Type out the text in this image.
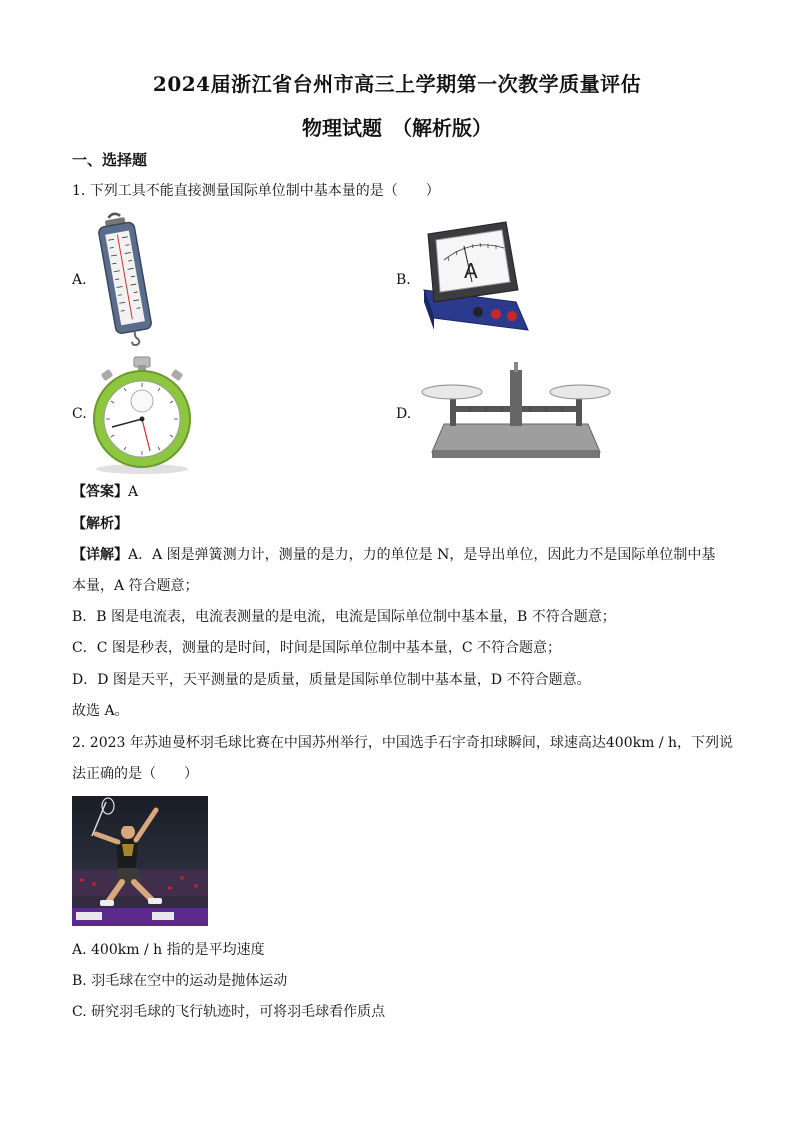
2024届浙江省台州市高三上学期第一次教学质量评估
物理试题　（解析版）
一、选择题
1. 下列工具不能直接测量国际单位制中基本量的是（　　）
A.	B.	A
C.	D.
【答案】A
【解析】
【详解】A．A 图是弹簧测力计，测量的是力，力的单位是 N，是导出单位，因此力不是国际单位制中基
本量，A 符合题意；
B．B 图是电流表，电流表测量的是电流，电流是国际单位制中基本量，B 不符合题意；
C．C 图是秒表，测量的是时间，时间是国际单位制中基本量，C 不符合题意；
D．D 图是天平，天平测量的是质量，质量是国际单位制中基本量，D 不符合题意。
故选 A。
2. 2023 年苏迪曼杯羽毛球比赛在中国苏州举行，中国选手石宇奇扣球瞬间，球速高达400km / h，下列说
法正确的是（　　）
A. 400km / h 指的是平均速度
B. 羽毛球在空中的运动是抛体运动
C. 研究羽毛球的飞行轨迹时，可将羽毛球看作质点
